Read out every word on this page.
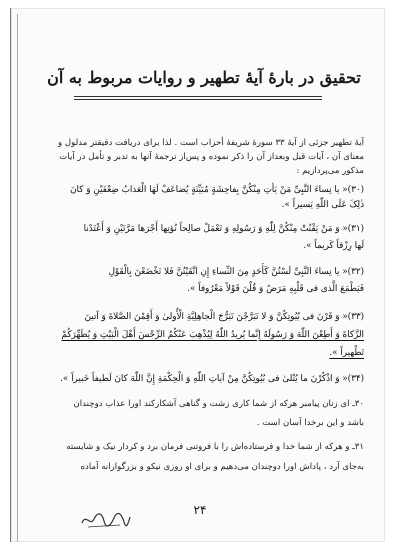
تحقیق در بارهٔ آیهٔ تطهیر و روایات مربوط به آن
آیهٔ تطهیر جزئی از آیهٔ ۳۳ سورهٔ شریفهٔ أحزاب است . لذا برای دریافت دقیقتر مدلول و
معنای آن ، آیات قبل وبعداز آن را ذکر نموده و پس‌از ترجمهٔ آنها به تدبر و تأمل در آیات
مذکور می‌پردازیم :
(۳۰)« یا نِساءَ النَّبِیِّ مَنْ یَأتِ مِنْکُنَّ بِفاحِشَةٍ مُبَیِّنَةٍ یُضاعَفْ لَهَا الْعَذابُ ضِعْفَیْنِ وَ کانَ
ذٰلِکَ عَلَی اللّٰهِ یَسیراً ».
(۳۱)« وَ مَنْ یَقْنُتْ مِنْکُنَّ لِلّٰهِ وَ رَسُولِهِ وَ تَعْمَلْ صالِحاً نُؤتِها أَجْرَها مَرَّتَیْنِ وَ أَعْتَدْنا
لَها رِزْقاً کَریماً ».
(۳۲)« یا نِساءَ النَّبِیِّ لَسْتُنَّ کَأَحَدٍ مِنَ النِّساءِ إِنِ اتَّقَیْتُنَّ فَلا تَخْضَعْنَ بِالْقَوْلِ
فَیَطْمَعَ الَّذی فی قَلْبِهِ مَرَضٌ وَ قُلْنَ قَوْلاً مَعْرُوفاً ».
(۳۳)« وَ قَرْنَ فی بُیُوتِکُنَّ وَ لا تَبَرَّجْنَ تَبَرُّجَ الْجاهِلِیَّةِ الْأُولیٰ وَ أَقِمْنَ الصَّلاةَ وَ آتینَ
الزَّکاةَ وَ أَطِعْنَ اللّٰهَ وَ رَسُولَهُ إِنَّما یُریدُ اللّٰهُ لِیُذْهِبَ عَنْکُمُ الرِّجْسَ أَهْلَ الْبَیْتِ وَ یُطَهِّرَکُمْ
تَطْهیراً ».
(۳۴)« وَ اذْکُرْنَ ما یُتْلیٰ فی بُیُوتِکُنَّ مِنْ آیاتِ اللّٰهِ وَ الْحِکْمَةِ إِنَّ اللّٰهَ کانَ لَطیفاً خَبیراً ».
۳۰ـ ای زنان پیامبر هرکه از شما کاری زشت و گناهی آشکارکند اورا عذاب دوچندان
باشد و این برخدا آسان است .
۳۱ـ و هرکه از شما خدا و فرستاده‌اش را با فروتنی فرمان برد و کردار نیک و شایسته
به‌جای آرد ، پاداش اورا دوچندان می‌دهیم و برای او روزی نیکو و بزرگوارانه آماده
۲۴
